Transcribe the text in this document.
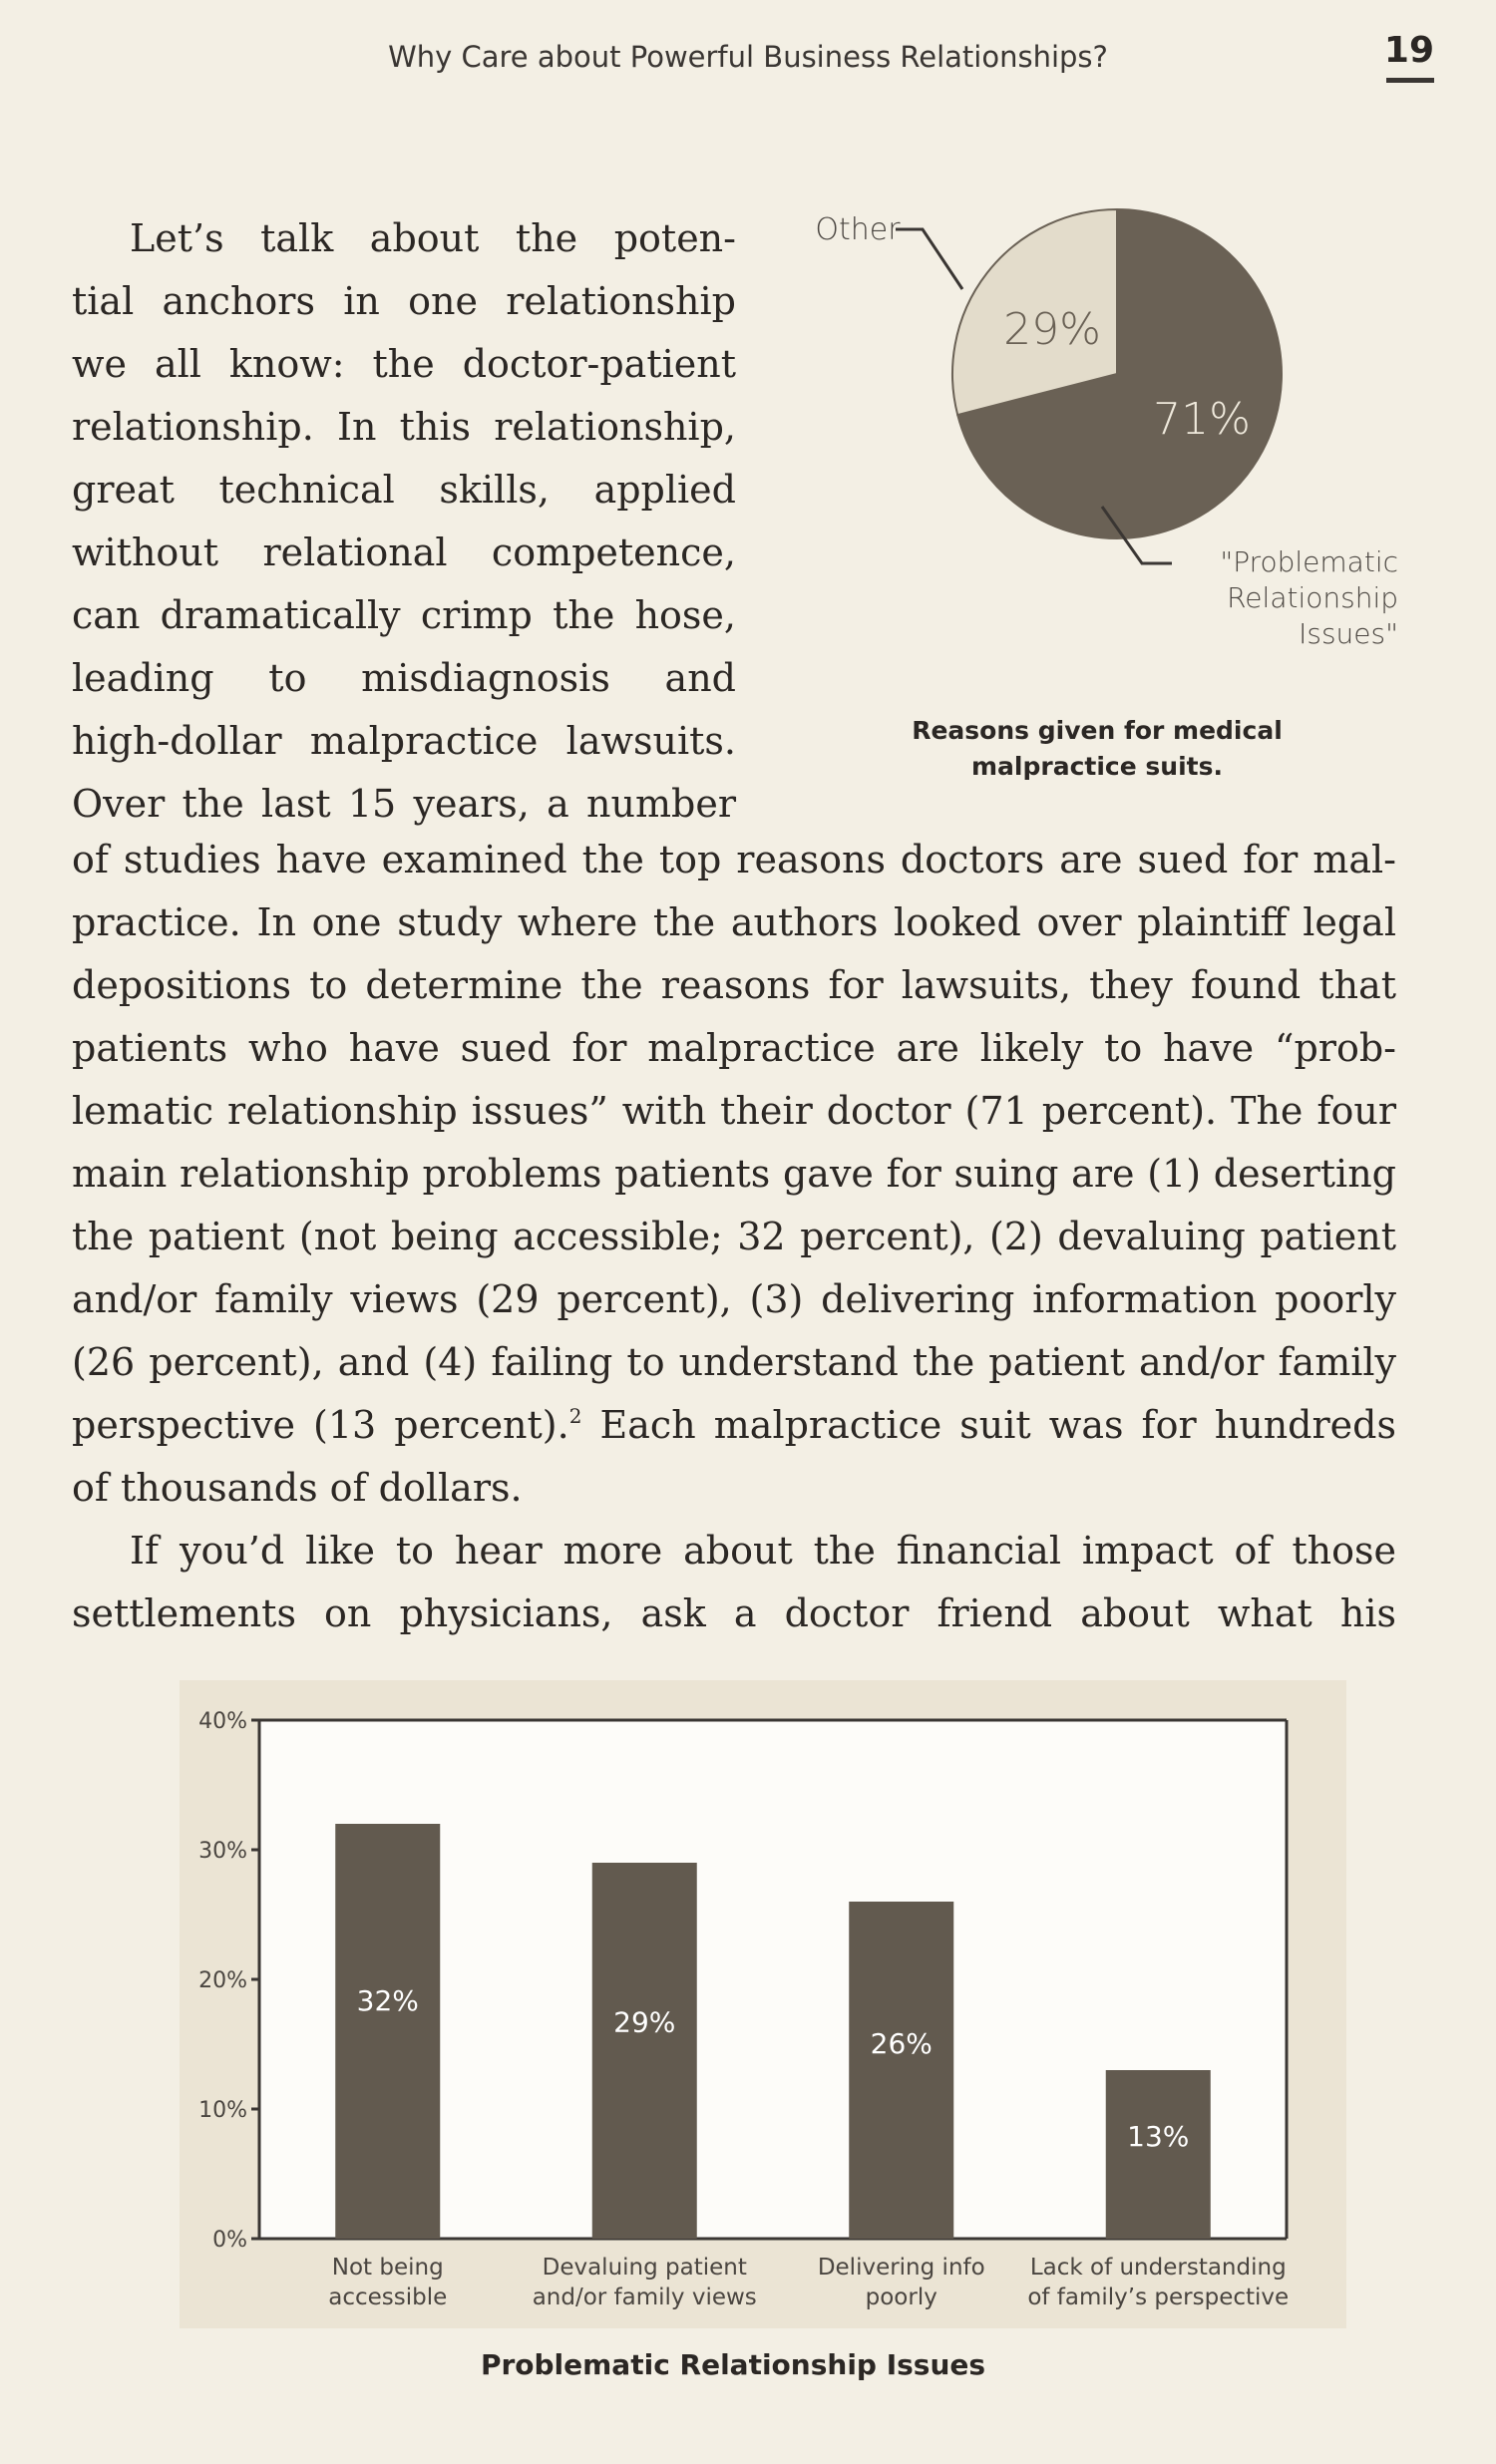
Why Care about Powerful Business Relationships?	19
Let’s talk about the poten-
tial anchors in one relationship
we all know: the doctor-patient
relationship. In this relationship,
great technical skills, applied
without relational competence,
can dramatically crimp the hose,
leading to misdiagnosis and
high-dollar malpractice lawsuits.
Over the last 15 years, a number
71%
29%
Other
"Problematic Relationship Issues"
Reasons given for medical malpractice suits.
of studies have examined the top reasons doctors are sued for mal-
practice. In one study where the authors looked over plaintiff legal
depositions to determine the reasons for lawsuits, they found that
patients who have sued for malpractice are likely to have “prob-
lematic relationship issues” with their doctor (71 percent). The four
main relationship problems patients gave for suing are (1) deserting
the patient (not being accessible; 32 percent), (2) devaluing patient
and/or family views (29 percent), (3) delivering information poorly
(26 percent), and (4) failing to understand the patient and/or family
perspective (13 percent).$^2$ Each malpractice suit was for hundreds
of thousands of dollars.
If you’d like to hear more about the financial impact of those
settlements on physicians, ask a doctor friend about what his
0%
10%
20%
30%
40%
32%
Not being accessible
29%
Devaluing patient and/or family views
26%
Delivering info poorly
13%
Lack of understanding of family’s perspective
Problematic Relationship Issues
